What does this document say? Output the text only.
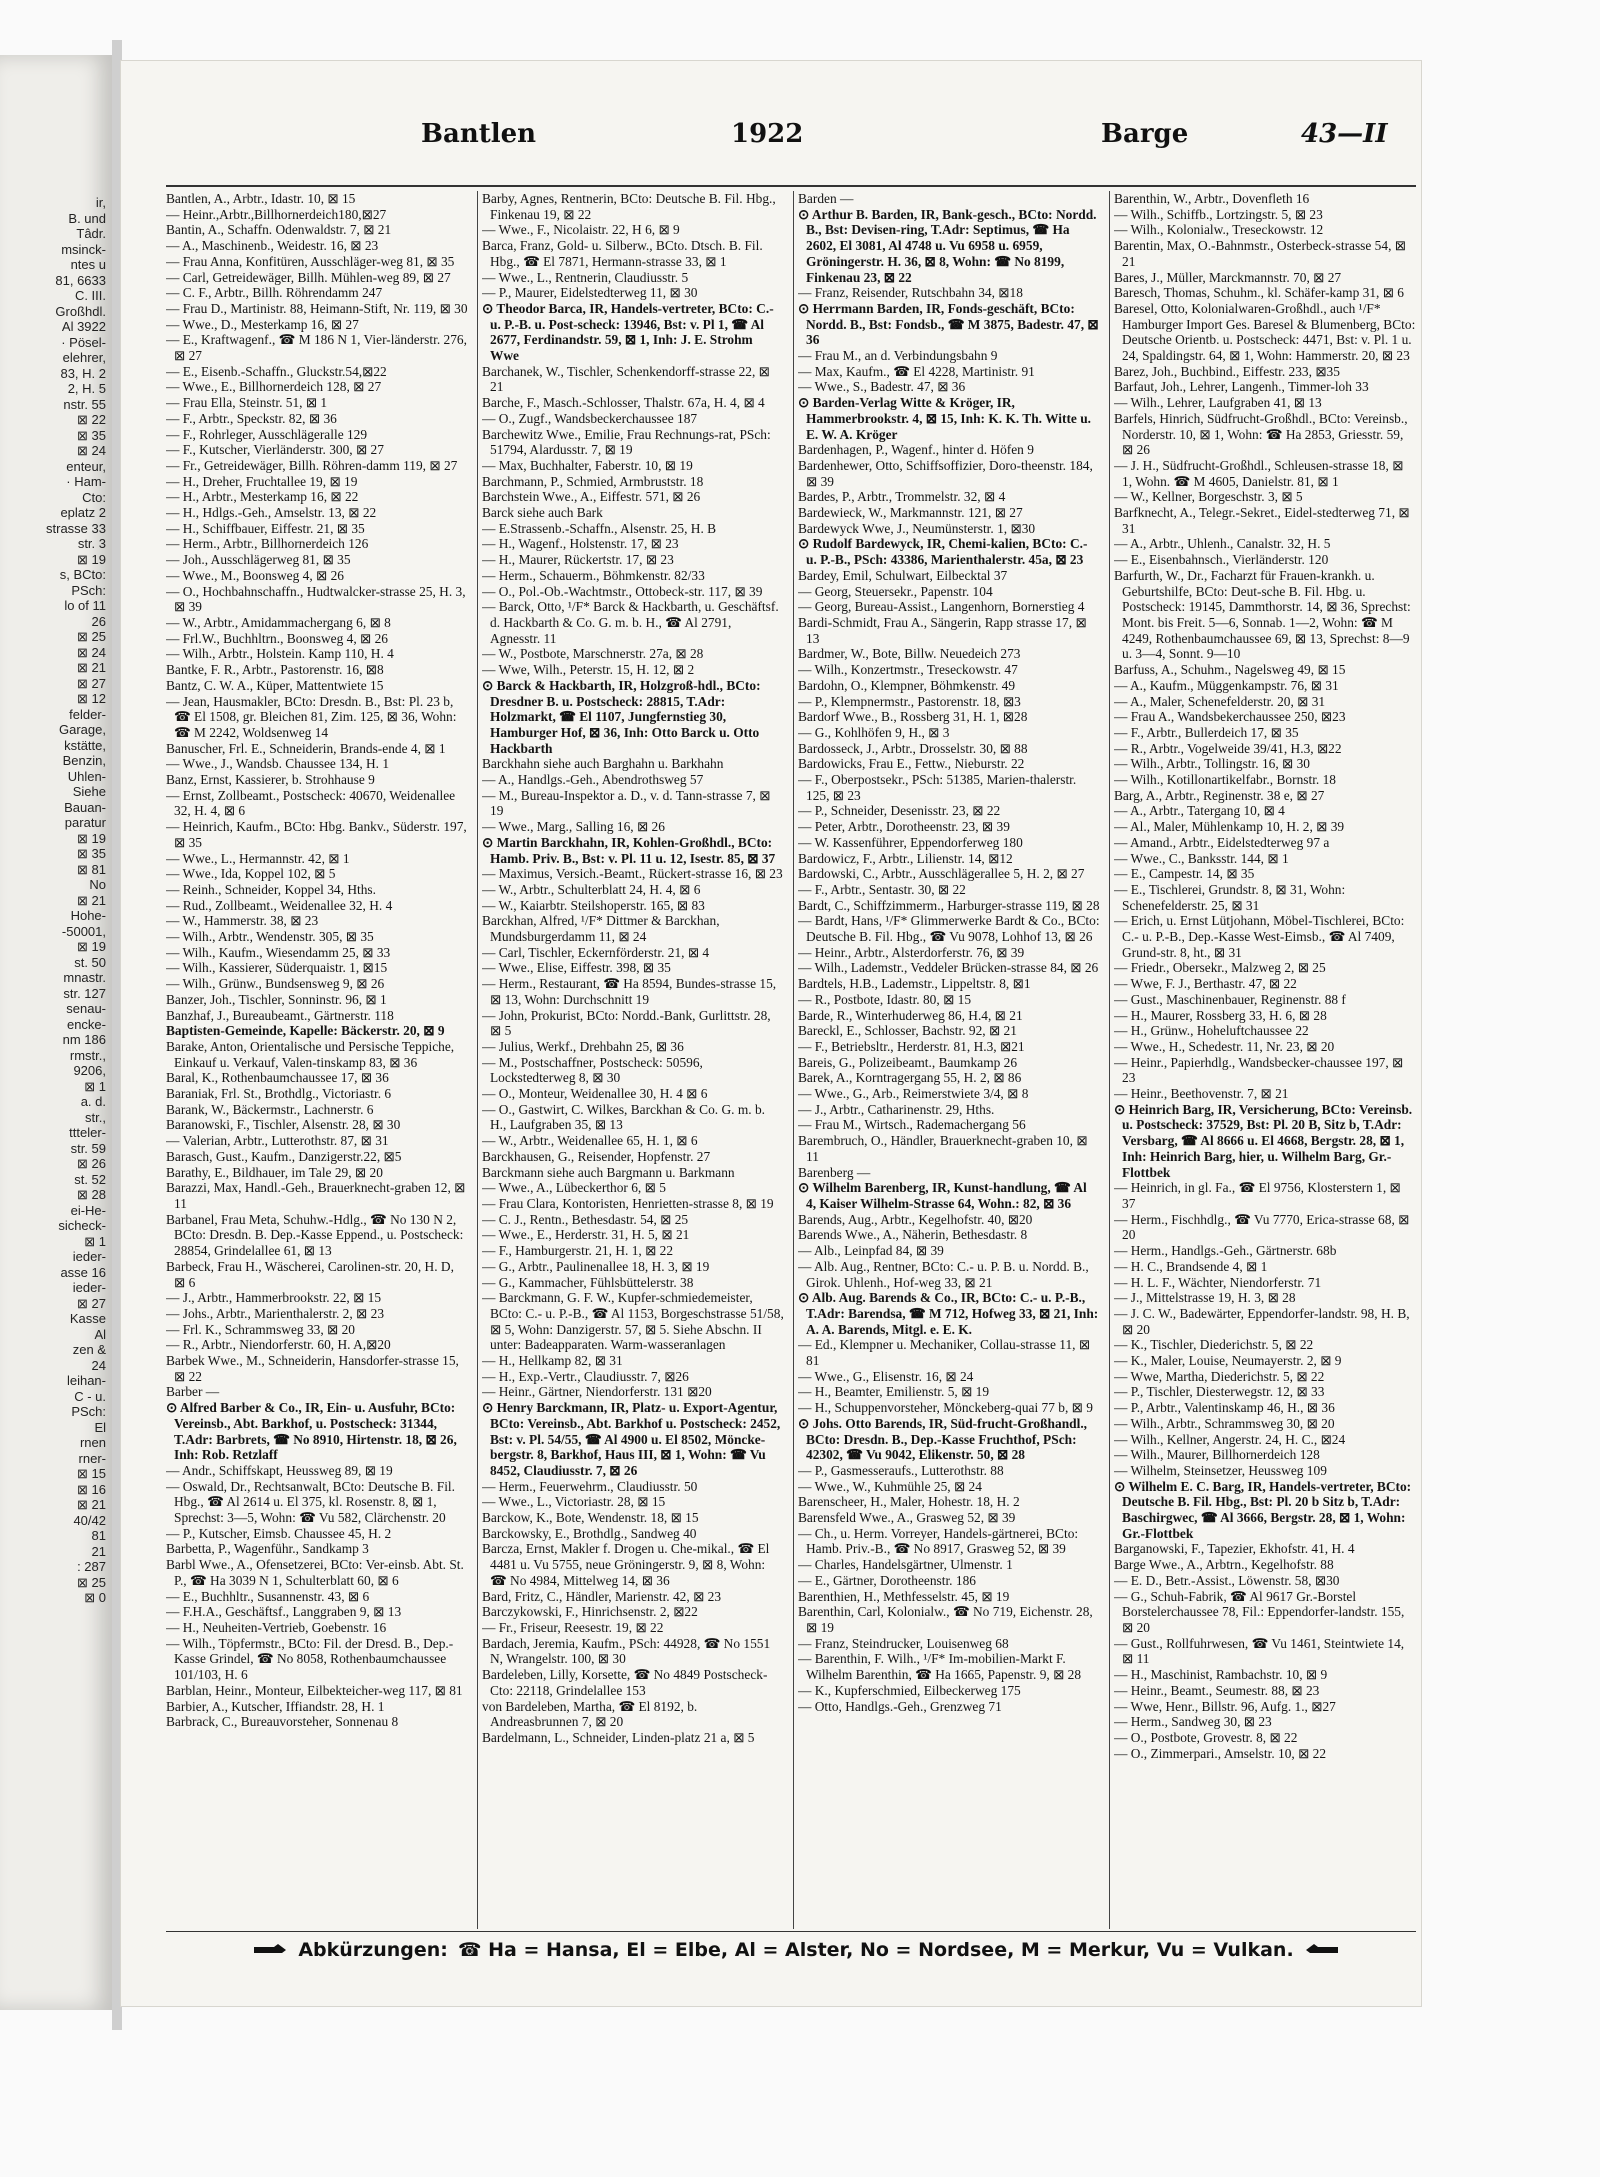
ir,
B. und
Tâdr.
msinck-
ntes u
81, 6633
C. III.
Großhdl.
Al 3922
· Pösel-
elehrer,
83, H. 2
2, H. 5
nstr. 55
⊠ 22
⊠ 35
⊠ 24
enteur,
· Ham-
Cto:
eplatz 2
strasse 33
str. 3
⊠ 19
s, BCto:
PSch:
lo of 11
26
⊠ 25
⊠ 24
⊠ 21
⊠ 27
⊠ 12
felder-
Garage,
kstätte,
Benzin,
Uhlen-
Siehe
Bauan-
paratur
⊠ 19
⊠ 35
⊠ 81
No
⊠ 21
Hohe-
-50001,
⊠ 19
st. 50
mnastr.
str. 127
senau-
encke-
nm 186
rmstr.,
9206,
⊠ 1
a. d.
str.,
ttteler-
str. 59
⊠ 26
st. 52
⊠ 28
ei-He-
sicheck-
⊠ 1
ieder-
asse 16
ieder-
⊠ 27
Kasse
Al
zen &
24
leihan-
C - u.
PSch:
El
rnen
rner-
⊠ 15
⊠ 16
⊠ 21
40/42
81
21
: 287
⊠ 25
⊠ 0
Bantlen	1922	Barge	43—II

Bantlen, A., Arbtr., Idastr. 10, ⊠ 15

— Heinr.,Arbtr.,Billhornerdeich180,⊠27

Bantin, A., Schaffn. Odenwaldstr. 7, ⊠ 21

— A., Maschinenb., Weidestr. 16, ⊠ 23

— Frau Anna, Konfitüren, Ausschläger-weg 81, ⊠ 35

— Carl, Getreidewäger, Billh. Mühlen-weg 89, ⊠ 27

— C. F., Arbtr., Billh. Röhrendamm 247

— Frau D., Martinistr. 88, Heimann-Stift, Nr. 119, ⊠ 30

— Wwe., D., Mesterkamp 16, ⊠ 27

— E., Kraftwagenf., ☎ M 186 N 1, Vier-länderstr. 276, ⊠ 27

— E., Eisenb.-Schaffn., Gluckstr.54,⊠22

— Wwe., E., Billhornerdeich 128, ⊠ 27

— Frau Ella, Steinstr. 51, ⊠ 1

— F., Arbtr., Speckstr. 82, ⊠ 36

— F., Rohrleger, Ausschlägeralle 129

— F., Kutscher, Vierländerstr. 300, ⊠ 27

— Fr., Getreidewäger, Billh. Röhren-damm 119, ⊠ 27

— H., Dreher, Fruchtallee 19, ⊠ 19

— H., Arbtr., Mesterkamp 16, ⊠ 22

— H., Hdlgs.-Geh., Amselstr. 13, ⊠ 22

— H., Schiffbauer, Eiffestr. 21, ⊠ 35

— Herm., Arbtr., Billhornerdeich 126

— Joh., Ausschlägerweg 81, ⊠ 35

— Wwe., M., Boonsweg 4, ⊠ 26

— O., Hochbahnschaffn., Hudtwalcker-strasse 25, H. 3, ⊠ 39

— W., Arbtr., Amidammachergang 6, ⊠ 8

— Frl.W., Buchhltrn., Boonsweg 4, ⊠ 26

— Wilh., Arbtr., Holstein. Kamp 110, H. 4

Bantke, F. R., Arbtr., Pastorenstr. 16, ⊠8

Bantz, C. W. A., Küper, Mattentwiete 15

— Jean, Hausmakler, BCto: Dresdn. B., Bst: Pl. 23 b, ☎ El 1508, gr. Bleichen 81, Zim. 125, ⊠ 36, Wohn: ☎ M 2242, Woldsenweg 14

Banuscher, Frl. E., Schneiderin, Brands-ende 4, ⊠ 1

— Wwe., J., Wandsb. Chaussee 134, H. 1

Banz, Ernst, Kassierer, b. Strohhause 9

— Ernst, Zollbeamt., Postscheck: 40670, Weidenallee 32, H. 4, ⊠ 6

— Heinrich, Kaufm., BCto: Hbg. Bankv., Süderstr. 197, ⊠ 35

— Wwe., L., Hermannstr. 42, ⊠ 1

— Wwe., Ida, Koppel 102, ⊠ 5

— Reinh., Schneider, Koppel 34, Hths.

— Rud., Zollbeamt., Weidenallee 32, H. 4

— W., Hammerstr. 38, ⊠ 23

— Wilh., Arbtr., Wendenstr. 305, ⊠ 35

— Wilh., Kaufm., Wiesendamm 25, ⊠ 33

— Wilh., Kassierer, Süderquaistr. 1, ⊠15

— Wilh., Grünw., Bundsensweg 9, ⊠ 26

Banzer, Joh., Tischler, Sonninstr. 96, ⊠ 1

Banzhaf, J., Bureaubeamt., Gärtnerstr. 118

Baptisten-Gemeinde, Kapelle: Bäckerstr. 20, ⊠ 9

Barake, Anton, Orientalische und Persische Teppiche, Einkauf u. Verkauf, Valen-tinskamp 83, ⊠ 36

Baral, K., Rothenbaumchaussee 17, ⊠ 36

Baraniak, Frl. St., Brothdlg., Victoriastr. 6

Barank, W., Bäckermstr., Lachnerstr. 6

Baranowski, F., Tischler, Alsenstr. 28, ⊠ 30

— Valerian, Arbtr., Lutterothstr. 87, ⊠ 31

Barasch, Gust., Kaufm., Danzigerstr.22, ⊠5

Barathy, E., Bildhauer, im Tale 29, ⊠ 20

Barazzi, Max, Handl.-Geh., Brauerknecht-graben 12, ⊠ 11

Barbanel, Frau Meta, Schuhw.-Hdlg., ☎ No 130 N 2, BCto: Dresdn. B. Dep.-Kasse Eppend., u. Postscheck: 28854, Grindelallee 61, ⊠ 13

Barbeck, Frau H., Wäscherei, Carolinen-str. 20, H. D, ⊠ 6

— J., Arbtr., Hammerbrookstr. 22, ⊠ 15

— Johs., Arbtr., Marienthalerstr. 2, ⊠ 23

— Frl. K., Schrammsweg 33, ⊠ 20

— R., Arbtr., Niendorferstr. 60, H. A,⊠20

Barbek Wwe., M., Schneiderin, Hansdorfer-strasse 15, ⊠ 22

Barber —

⊙ Alfred Barber & Co., IR, Ein- u. Ausfuhr, BCto: Vereinsb., Abt. Barkhof, u. Postscheck: 31344, T.Adr: Barbrets, ☎ No 8910, Hirtenstr. 18, ⊠ 26, Inh: Rob. Retzlaff

— Andr., Schiffskapt, Heussweg 89, ⊠ 19

— Oswald, Dr., Rechtsanwalt, BCto: Deutsche B. Fil. Hbg., ☎ Al 2614 u. El 375, kl. Rosenstr. 8, ⊠ 1, Sprechst: 3—5, Wohn: ☎ Vu 582, Clärchenstr. 20

— P., Kutscher, Eimsb. Chaussee 45, H. 2

Barbetta, P., Wagenführ., Sandkamp 3

Barbl Wwe., A., Ofensetzerei, BCto: Ver-einsb. Abt. St. P., ☎ Ha 3039 N 1, Schulterblatt 60, ⊠ 6

— E., Buchhltr., Susannenstr. 43, ⊠ 6

— F.H.A., Geschäftsf., Langgraben 9, ⊠ 13

— H., Neuheiten-Vertrieb, Goebenstr. 16

— Wilh., Töpfermstr., BCto: Fil. der Dresd. B., Dep.-Kasse Grindel, ☎ No 8058, Rothenbaumchaussee 101/103, H. 6

Barblan, Heinr., Monteur, Eilbekteicher-weg 117, ⊠ 81

Barbier, A., Kutscher, Iffiandstr. 28, H. 1

Barbrack, C., Bureauvorsteher, Sonnenau 8

Barby, Agnes, Rentnerin, BCto: Deutsche B. Fil. Hbg., Finkenau 19, ⊠ 22

— Wwe., F., Nicolaistr. 22, H 6, ⊠ 9

Barca, Franz, Gold- u. Silberw., BCto. Dtsch. B. Fil. Hbg., ☎ El 7871, Hermann-strasse 33, ⊠ 1

— Wwe., L., Rentnerin, Claudiusstr. 5

— P., Maurer, Eidelstedterweg 11, ⊠ 30

⊙ Theodor Barca, IR, Handels-vertreter, BCto: C.- u. P.-B. u. Post-scheck: 13946, Bst: v. Pl 1, ☎ Al 2677, Ferdinandstr. 59, ⊠ 1, Inh: J. E. Strohm Wwe

Barchanek, W., Tischler, Schenkendorff-strasse 22, ⊠ 21

Barche, F., Masch.-Schlosser, Thalstr. 67a, H. 4, ⊠ 4

— O., Zugf., Wandsbeckerchaussee 187

Barchewitz Wwe., Emilie, Frau Rechnungs-rat, PSch: 51794, Alardusstr. 7, ⊠ 19

— Max, Buchhalter, Faberstr. 10, ⊠ 19

Barchmann, P., Schmied, Armbruststr. 18

Barchstein Wwe., A., Eiffestr. 571, ⊠ 26

Barck siehe auch Bark

— E.Strassenb.-Schaffn., Alsenstr. 25, H. B

— H., Wagenf., Holstenstr. 17, ⊠ 23

— H., Maurer, Rückertstr. 17, ⊠ 23

— Herm., Schauerm., Böhmkenstr. 82/33

— O., Pol.-Ob.-Wachtmstr., Ottobeck-str. 117, ⊠ 39

— Barck, Otto, ¹/F* Barck & Hackbarth, u. Geschäftsf. d. Hackbarth & Co. G. m. b. H., ☎ Al 2791, Agnesstr. 11

— W., Postbote, Marschnerstr. 27a, ⊠ 28

— Wwe, Wilh., Peterstr. 15, H. 12, ⊠ 2

⊙ Barck & Hackbarth, IR, Holzgroß-hdl., BCto: Dresdner B. u. Postscheck: 28815, T.Adr: Holzmarkt, ☎ El 1107, Jungfernstieg 30, Hamburger Hof, ⊠ 36, Inh: Otto Barck u. Otto Hackbarth

Barckhahn siehe auch Barghahn u. Barkhahn

— A., Handlgs.-Geh., Abendrothsweg 57

— M., Bureau-Inspektor a. D., v. d. Tann-strasse 7, ⊠ 19

— Wwe., Marg., Salling 16, ⊠ 26

⊙ Martin Barckhahn, IR, Kohlen-Großhdl., BCto: Hamb. Priv. B., Bst: v. Pl. 11 u. 12, Isestr. 85, ⊠ 37

— Maximus, Versich.-Beamt., Rückert-strasse 16, ⊠ 23

— W., Arbtr., Schulterblatt 24, H. 4, ⊠ 6

— W., Kaiarbtr. Steilshoperstr. 165, ⊠ 83

Barckhan, Alfred, ¹/F* Dittmer & Barckhan, Mundsburgerdamm 11, ⊠ 24

— Carl, Tischler, Eckernförderstr. 21, ⊠ 4

— Wwe., Elise, Eiffestr. 398, ⊠ 35

— Herm., Restaurant, ☎ Ha 8594, Bundes-strasse 15, ⊠ 13, Wohn: Durchschnitt 19

— John, Prokurist, BCto: Nordd.-Bank, Gurlittstr. 28, ⊠ 5

— Julius, Werkf., Drehbahn 25, ⊠ 36

— M., Postschaffner, Postscheck: 50596, Lockstedterweg 8, ⊠ 30

— O., Monteur, Weidenallee 30, H. 4 ⊠ 6

— O., Gastwirt, C. Wilkes, Barckhan & Co. G. m. b. H., Laufgraben 35, ⊠ 13

— W., Arbtr., Weidenallee 65, H. 1, ⊠ 6

Barckhausen, G., Reisender, Hopfenstr. 27

Barckmann siehe auch Bargmann u. Barkmann

— Wwe., A., Lübeckerthor 6, ⊠ 5

— Frau Clara, Kontoristen, Henrietten-strasse 8, ⊠ 19

— C. J., Rentn., Bethesdastr. 54, ⊠ 25

— Wwe., E., Herderstr. 31, H. 5, ⊠ 21

— F., Hamburgerstr. 21, H. 1, ⊠ 22

— G., Arbtr., Paulinenallee 18, H. 3, ⊠ 19

— G., Kammacher, Fühlsbüttelerstr. 38

— Barckmann, G. F. W., Kupfer-schmiedemeister, BCto: C.- u. P.-B., ☎ Al 1153, Borgeschstrasse 51/58, ⊠ 5, Wohn: Danzigerstr. 57, ⊠ 5. Siehe Abschn. II unter: Badeapparaten. Warm-wasseranlagen

— H., Hellkamp 82, ⊠ 31

— H., Exp.-Vertr., Claudiusstr. 7, ⊠26

— Heinr., Gärtner, Niendorferstr. 131 ⊠20

⊙ Henry Barckmann, IR, Platz- u. Export-Agentur, BCto: Vereinsb., Abt. Barkhof u. Postscheck: 2452, Bst: v. Pl. 54/55, ☎ Al 4900 u. El 8502, Möncke-bergstr. 8, Barkhof, Haus III, ⊠ 1, Wohn: ☎ Vu 8452, Claudiusstr. 7, ⊠ 26

— Herm., Feuerwehrm., Claudiusstr. 50

— Wwe., L., Victoriastr. 28, ⊠ 15

Barckow, K., Bote, Wendenstr. 18, ⊠ 15

Barckowsky, E., Brothdlg., Sandweg 40

Barcza, Ernst, Makler f. Drogen u. Che-mikal., ☎ El 4481 u. Vu 5755, neue Gröningerstr. 9, ⊠ 8, Wohn: ☎ No 4984, Mittelweg 14, ⊠ 36

Bard, Fritz, C., Händler, Marienstr. 42, ⊠ 23

Barczykowski, F., Hinrichsenstr. 2, ⊠22

— Fr., Friseur, Reesestr. 19, ⊠ 22

Bardach, Jeremia, Kaufm., PSch: 44928, ☎ No 1551 N, Wrangelstr. 100, ⊠ 30

Bardeleben, Lilly, Korsette, ☎ No 4849 Postscheck-Cto: 22118, Grindelallee 153

von Bardeleben, Martha, ☎ El 8192, b. Andreasbrunnen 7, ⊠ 20

Bardelmann, L., Schneider, Linden-platz 21 a, ⊠ 5

Barden —

⊙ Arthur B. Barden, IR, Bank-gesch., BCto: Nordd. B., Bst: Devisen-ring, T.Adr: Septimus, ☎ Ha 2602, El 3081, Al 4748 u. Vu 6958 u. 6959, Gröningerstr. H. 36, ⊠ 8, Wohn: ☎ No 8199, Finkenau 23, ⊠ 22

— Franz, Reisender, Rutschbahn 34, ⊠18

⊙ Herrmann Barden, IR, Fonds-geschäft, BCto: Nordd. B., Bst: Fondsb., ☎ M 3875, Badestr. 47, ⊠ 36

— Frau M., an d. Verbindungsbahn 9

— Max, Kaufm., ☎ El 4228, Martinistr. 91

— Wwe., S., Badestr. 47, ⊠ 36

⊙ Barden-Verlag Witte & Kröger, IR, Hammerbrookstr. 4, ⊠ 15, Inh: K. K. Th. Witte u. E. W. A. Kröger

Bardenhagen, P., Wagenf., hinter d. Höfen 9

Bardenhewer, Otto, Schiffsoffizier, Doro-theenstr. 184, ⊠ 39

Bardes, P., Arbtr., Trommelstr. 32, ⊠ 4

Bardewieck, W., Markmannstr. 121, ⊠ 27

Bardewyck Wwe, J., Neumünsterstr. 1, ⊠30

⊙ Rudolf Bardewyck, IR, Chemi-kalien, BCto: C.- u. P.-B., PSch: 43386, Marienthalerstr. 45a, ⊠ 23

Bardey, Emil, Schulwart, Eilbecktal 37

— Georg, Steuersekr., Papenstr. 104

— Georg, Bureau-Assist., Langenhorn, Bornerstieg 4

Bardi-Schmidt, Frau A., Sängerin, Rapp strasse 17, ⊠ 13

Bardmer, W., Bote, Billw. Neuedeich 273

— Wilh., Konzertmstr., Treseckowstr. 47

Bardohn, O., Klempner, Böhmkenstr. 49

— P., Klempnermstr., Pastorenstr. 18, ⊠3

Bardorf Wwe., B., Rossberg 31, H. 1, ⊠28

— G., Kohlhöfen 9, H., ⊠ 3

Bardosseck, J., Arbtr., Drosselstr. 30, ⊠ 88

Bardowicks, Frau E., Fettw., Nieburstr. 22

— F., Oberpostsekr., PSch: 51385, Marien-thalerstr. 125, ⊠ 23

— P., Schneider, Desenisstr. 23, ⊠ 22

— Peter, Arbtr., Dorotheenstr. 23, ⊠ 39

— W. Kassenführer, Eppendorferweg 180

Bardowicz, F., Arbtr., Lilienstr. 14, ⊠12

Bardowski, C., Arbtr., Ausschlägerallee 5, H. 2, ⊠ 27

— F., Arbtr., Sentastr. 30, ⊠ 22

Bardt, C., Schiffzimmerm., Harburger-strasse 119, ⊠ 28

— Bardt, Hans, ¹/F* Glimmerwerke Bardt & Co., BCto: Deutsche B. Fil. Hbg., ☎ Vu 9078, Lohhof 13, ⊠ 26

— Heinr., Arbtr., Alsterdorferstr. 76, ⊠ 39

— Wilh., Lademstr., Veddeler Brücken-strasse 84, ⊠ 26

Bardtels, H.B., Lademstr., Lippeltstr. 8, ⊠1

— R., Postbote, Idastr. 80, ⊠ 15

Barde, R., Winterhuderweg 86, H.4, ⊠ 21

Bareckl, E., Schlosser, Bachstr. 92, ⊠ 21

— F., Betriebsltr., Herderstr. 81, H.3, ⊠21

Bareis, G., Polizeibeamt., Baumkamp 26

Barek, A., Korntragergang 55, H. 2, ⊠ 86

— Wwe., G., Arb., Reimerstwiete 3/4, ⊠ 8

— J., Arbtr., Catharinenstr. 29, Hths.

— Frau M., Wirtsch., Rademachergang 56

Barembruch, O., Händler, Brauerknecht-graben 10, ⊠ 11

Barenberg —

⊙ Wilhelm Barenberg, IR, Kunst-handlung, ☎ Al 4, Kaiser Wilhelm-Strasse 64, Wohn.: 82, ⊠ 36

Barends, Aug., Arbtr., Kegelhofstr. 40, ⊠20

Barends Wwe., A., Näherin, Bethesdastr. 8

— Alb., Leinpfad 84, ⊠ 39

— Alb. Aug., Rentner, BCto: C.- u. P. B. u. Nordd. B., Girok. Uhlenh., Hof-weg 33, ⊠ 21

⊙ Alb. Aug. Barends & Co., IR, BCto: C.- u. P.-B., T.Adr: Barendsa, ☎ M 712, Hofweg 33, ⊠ 21, Inh: A. A. Barends, Mitgl. e. E. K.

— Ed., Klempner u. Mechaniker, Collau-strasse 11, ⊠ 81

— Wwe., G., Elisenstr. 16, ⊠ 24

— H., Beamter, Emilienstr. 5, ⊠ 19

— H., Schuppenvorsteher, Mönckeberg-quai 77 b, ⊠ 9

⊙ Johs. Otto Barends, IR, Süd-frucht-Großhandl., BCto: Dresdn. B., Dep.-Kasse Fruchthof, PSch: 42302, ☎ Vu 9042, Elikenstr. 50, ⊠ 28

— P., Gasmesseraufs., Lutterothstr. 88

— Wwe., W., Kuhmühle 25, ⊠ 24

Barenscheer, H., Maler, Hohestr. 18, H. 2

Barensfeld Wwe., A., Grasweg 52, ⊠ 39

— Ch., u. Herm. Vorreyer, Handels-gärtnerei, BCto: Hamb. Priv.-B., ☎ No 8917, Grasweg 52, ⊠ 39

— Charles, Handelsgärtner, Ulmenstr. 1

— E., Gärtner, Dorotheenstr. 186

Barenthien, H., Methfesselstr. 45, ⊠ 19

Barenthin, Carl, Kolonialw., ☎ No 719, Eichenstr. 28, ⊠ 19

— Franz, Steindrucker, Louisenweg 68

— Barenthin, F. Wilh., ¹/F* Im-mobilien-Markt F. Wilhelm Barenthin, ☎ Ha 1665, Papenstr. 9, ⊠ 28

— K., Kupferschmied, Eilbeckerweg 175

— Otto, Handlgs.-Geh., Grenzweg 71

Barenthin, W., Arbtr., Dovenfleth 16

— Wilh., Schiffb., Lortzingstr. 5, ⊠ 23

— Wilh., Kolonialw., Treseckowstr. 12

Barentin, Max, O.-Bahnmstr., Osterbeck-strasse 54, ⊠ 21

Bares, J., Müller, Marckmannstr. 70, ⊠ 27

Baresch, Thomas, Schuhm., kl. Schäfer-kamp 31, ⊠ 6

Baresel, Otto, Kolonialwaren-Großhdl., auch ¹/F* Hamburger Import Ges. Baresel & Blumenberg, BCto: Deutsche Orientb. u. Postscheck: 4471, Bst: v. Pl. 1 u. 24, Spaldingstr. 64, ⊠ 1, Wohn: Hammerstr. 20, ⊠ 23

Barez, Joh., Buchbind., Eiffestr. 233, ⊠35

Barfaut, Joh., Lehrer, Langenh., Timmer-loh 33

— Wilh., Lehrer, Laufgraben 41, ⊠ 13

Barfels, Hinrich, Südfrucht-Großhdl., BCto: Vereinsb., Norderstr. 10, ⊠ 1, Wohn: ☎ Ha 2853, Griesstr. 59, ⊠ 26

— J. H., Südfrucht-Großhdl., Schleusen-strasse 18, ⊠ 1, Wohn. ☎ M 4605, Danielstr. 81, ⊠ 1

— W., Kellner, Borgeschstr. 3, ⊠ 5

Barfknecht, A., Telegr.-Sekret., Eidel-stedterweg 71, ⊠ 31

— A., Arbtr., Uhlenh., Canalstr. 32, H. 5

— E., Eisenbahnsch., Vierländerstr. 120

Barfurth, W., Dr., Facharzt für Frauen-krankh. u. Geburtshilfe, BCto: Deut-sche B. Fil. Hbg. u. Postscheck: 19145, Dammthorstr. 14, ⊠ 36, Sprechst: Mont. bis Freit. 5—6, Sonnab. 1—2, Wohn: ☎ M 4249, Rothenbaumchaussee 69, ⊠ 13, Sprechst: 8—9 u. 3—4, Sonnt. 9—10

Barfuss, A., Schuhm., Nagelsweg 49, ⊠ 15

— A., Kaufm., Müggenkampstr. 76, ⊠ 31

— A., Maler, Schenefelderstr. 20, ⊠ 31

— Frau A., Wandsbekerchaussee 250, ⊠23

— F., Arbtr., Bullerdeich 17, ⊠ 35

— R., Arbtr., Vogelweide 39/41, H.3, ⊠22

— Wilh., Arbtr., Tollingstr. 16, ⊠ 30

— Wilh., Kotillonartikelfabr., Bornstr. 18

Barg, A., Arbtr., Reginenstr. 38 e, ⊠ 27

— A., Arbtr., Tatergang 10, ⊠ 4

— Al., Maler, Mühlenkamp 10, H. 2, ⊠ 39

— Amand., Arbtr., Eidelstedterweg 97 a

— Wwe., C., Banksstr. 144, ⊠ 1

— E., Campestr. 14, ⊠ 35

— E., Tischlerei, Grundstr. 8, ⊠ 31, Wohn: Schenefelderstr. 25, ⊠ 31

— Erich, u. Ernst Lütjohann, Möbel-Tischlerei, BCto: C.- u. P.-B., Dep.-Kasse West-Eimsb., ☎ Al 7409, Grund-str. 8, ht., ⊠ 31

— Friedr., Obersekr., Malzweg 2, ⊠ 25

— Wwe, F. J., Berthastr. 47, ⊠ 22

— Gust., Maschinenbauer, Reginenstr. 88 f

— H., Maurer, Rossberg 33, H. 6, ⊠ 28

— H., Grünw., Hoheluftchaussee 22

— Wwe., H., Schedestr. 11, Nr. 23, ⊠ 20

— Heinr., Papierhdlg., Wandsbecker-chaussee 197, ⊠ 23

— Heinr., Beethovenstr. 7, ⊠ 21

⊙ Heinrich Barg, IR, Versicherung, BCto: Vereinsb. u. Postscheck: 37529, Bst: Pl. 20 B, Sitz b, T.Adr: Versbarg, ☎ Al 8666 u. El 4668, Bergstr. 28, ⊠ 1, Inh: Heinrich Barg, hier, u. Wilhelm Barg, Gr.-Flottbek

— Heinrich, in gl. Fa., ☎ El 9756, Klosterstern 1, ⊠ 37

— Herm., Fischhdlg., ☎ Vu 7770, Erica-strasse 68, ⊠ 20

— Herm., Handlgs.-Geh., Gärtnerstr. 68b

— H. C., Brandsende 4, ⊠ 1

— H. L. F., Wächter, Niendorferstr. 71

— J., Mittelstrasse 19, H. 3, ⊠ 28

— J. C. W., Badewärter, Eppendorfer-landstr. 98, H. B, ⊠ 20

— K., Tischler, Diederichstr. 5, ⊠ 22

— K., Maler, Louise, Neumayerstr. 2, ⊠ 9

— Wwe, Martha, Diederichstr. 5, ⊠ 22

— P., Tischler, Diesterwegstr. 12, ⊠ 33

— P., Arbtr., Valentinskamp 46, H., ⊠ 36

— Wilh., Arbtr., Schrammsweg 30, ⊠ 20

— Wilh., Kellner, Angerstr. 24, H. C., ⊠24

— Wilh., Maurer, Billhornerdeich 128

— Wilhelm, Steinsetzer, Heussweg 109

⊙ Wilhelm E. C. Barg, IR, Handels-vertreter, BCto: Deutsche B. Fil. Hbg., Bst: Pl. 20 b Sitz b, T.Adr: Baschirgwec, ☎ Al 3666, Bergstr. 28, ⊠ 1, Wohn: Gr.-Flottbek

Barganowski, F., Tapezier, Ekhofstr. 41, H. 4

Barge Wwe., A., Arbtrn., Kegelhofstr. 88

— E. D., Betr.-Assist., Löwenstr. 58, ⊠30

— G., Schuh-Fabrik, ☎ Al 9617 Gr.-Borstel Borstelerchaussee 78, Fil.: Eppendorfer-landstr. 155, ⊠ 20

— Gust., Rollfuhrwesen, ☎ Vu 1461, Steintwiete 14, ⊠ 11

— H., Maschinist, Rambachstr. 10, ⊠ 9

— Heinr., Beamt., Seumestr. 88, ⊠ 23

— Wwe, Henr., Billstr. 96, Aufg. 1., ⊠27

— Herm., Sandweg 30, ⊠ 23

— O., Postbote, Grovestr. 8, ⊠ 22

— O., Zimmerpari., Amselstr. 10, ⊠ 22

Abkürzungen: ☎ Ha = Hansa, El = Elbe, Al = Alster, No = Nordsee, M = Merkur, Vu = Vulkan.
